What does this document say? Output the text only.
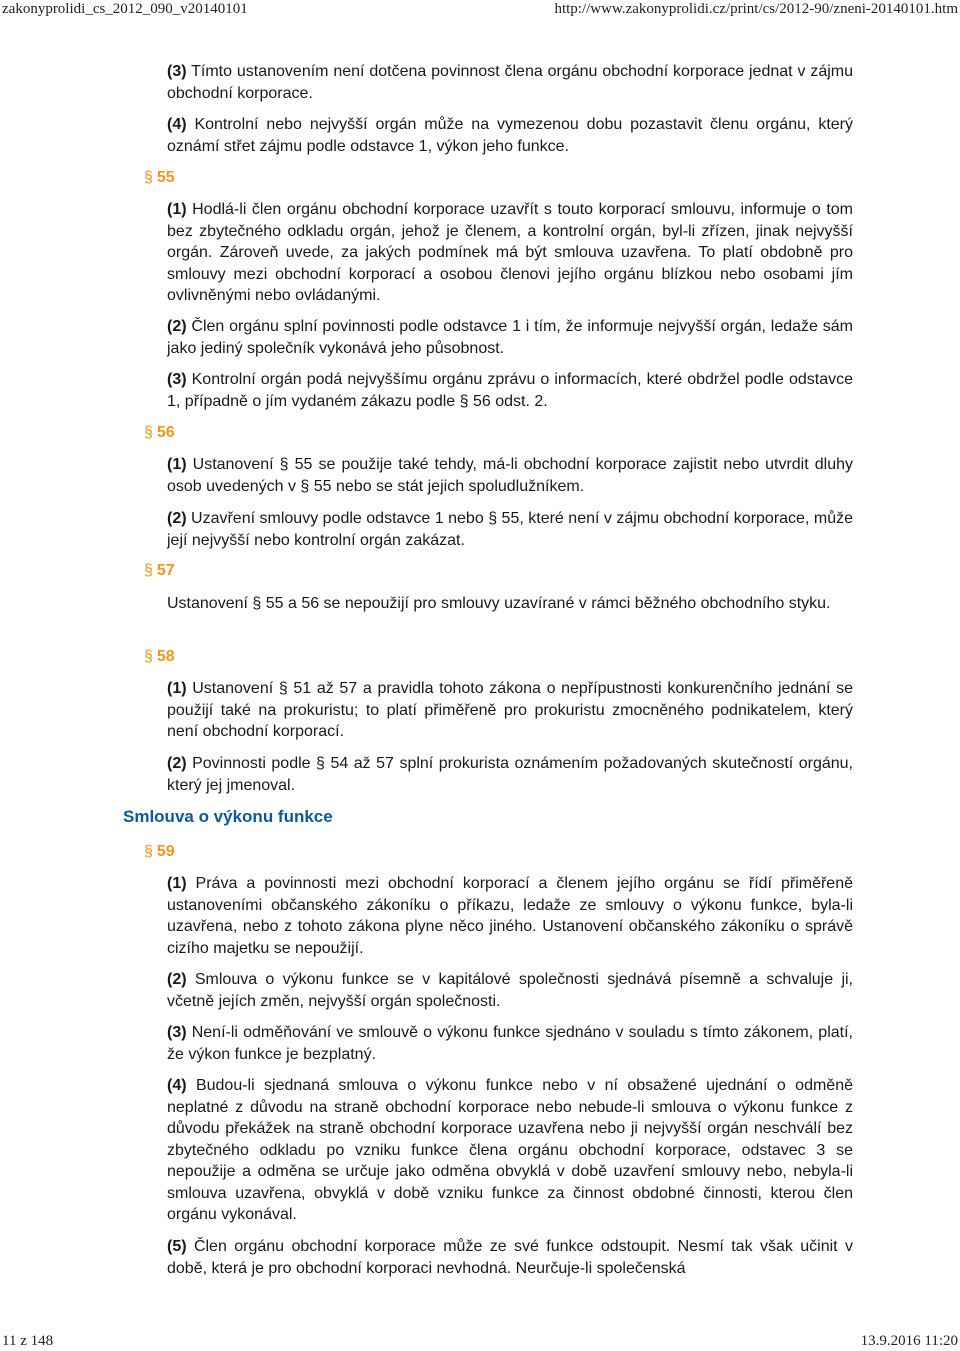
zakonyprolidi_cs_2012_090_v20140101	http://www.zakonyprolidi.cz/print/cs/2012-90/zneni-20140101.htm
(3) Tímto ustanovením není dotčena povinnost člena orgánu obchodní korporace jednat v zájmu obchodní korporace.
(4) Kontrolní nebo nejvyšší orgán může na vymezenou dobu pozastavit členu orgánu, který oznámí střet zájmu podle odstavce 1, výkon jeho funkce.
§ 55
(1) Hodlá-li člen orgánu obchodní korporace uzavřít s touto korporací smlouvu, informuje o tom bez zbytečného odkladu orgán, jehož je členem, a kontrolní orgán, byl-li zřízen, jinak nejvyšší orgán. Zároveň uvede, za jakých podmínek má být smlouva uzavřena. To platí obdobně pro smlouvy mezi obchodní korporací a osobou členovi jejího orgánu blízkou nebo osobami jím ovlivněnými nebo ovládanými.
(2) Člen orgánu splní povinnosti podle odstavce 1 i tím, že informuje nejvyšší orgán, ledaže sám jako jediný společník vykonává jeho působnost.
(3) Kontrolní orgán podá nejvyššímu orgánu zprávu o informacích, které obdržel podle odstavce 1, případně o jím vydaném zákazu podle § 56 odst. 2.
§ 56
(1) Ustanovení § 55 se použije také tehdy, má-li obchodní korporace zajistit nebo utvrdit dluhy osob uvedených v § 55 nebo se stát jejich spoludlužníkem.
(2) Uzavření smlouvy podle odstavce 1 nebo § 55, které není v zájmu obchodní korporace, může její nejvyšší nebo kontrolní orgán zakázat.
§ 57
Ustanovení § 55 a 56 se nepoužijí pro smlouvy uzavírané v rámci běžného obchodního styku.
§ 58
(1) Ustanovení § 51 až 57 a pravidla tohoto zákona o nepřípustnosti konkurenčního jednání se použijí také na prokuristu; to platí přiměřeně pro prokuristu zmocněného podnikatelem, který není obchodní korporací.
(2) Povinnosti podle § 54 až 57 splní prokurista oznámením požadovaných skutečností orgánu, který jej jmenoval.
Smlouva o výkonu funkce
§ 59
(1) Práva a povinnosti mezi obchodní korporací a členem jejího orgánu se řídí přiměřeně ustanoveními občanského zákoníku o příkazu, ledaže ze smlouvy o výkonu funkce, byla-li uzavřena, nebo z tohoto zákona plyne něco jiného. Ustanovení občanského zákoníku o správě cizího majetku se nepoužijí.
(2) Smlouva o výkonu funkce se v kapitálové společnosti sjednává písemně a schvaluje ji, včetně jejích změn, nejvyšší orgán společnosti.
(3) Není-li odměňování ve smlouvě o výkonu funkce sjednáno v souladu s tímto zákonem, platí, že výkon funkce je bezplatný.
(4) Budou-li sjednaná smlouva o výkonu funkce nebo v ní obsažené ujednání o odměně neplatné z důvodu na straně obchodní korporace nebo nebude-li smlouva o výkonu funkce z důvodu překážek na straně obchodní korporace uzavřena nebo ji nejvyšší orgán neschválí bez zbytečného odkladu po vzniku funkce člena orgánu obchodní korporace, odstavec 3 se nepoužije a odměna se určuje jako odměna obvyklá v době uzavření smlouvy nebo, nebyla-li smlouva uzavřena, obvyklá v době vzniku funkce za činnost obdobné činnosti, kterou člen orgánu vykonával.
(5) Člen orgánu obchodní korporace může ze své funkce odstoupit. Nesmí tak však učinit v době, která je pro obchodní korporaci nevhodná. Neurčuje-li společenská
11 z 148	13.9.2016 11:20
